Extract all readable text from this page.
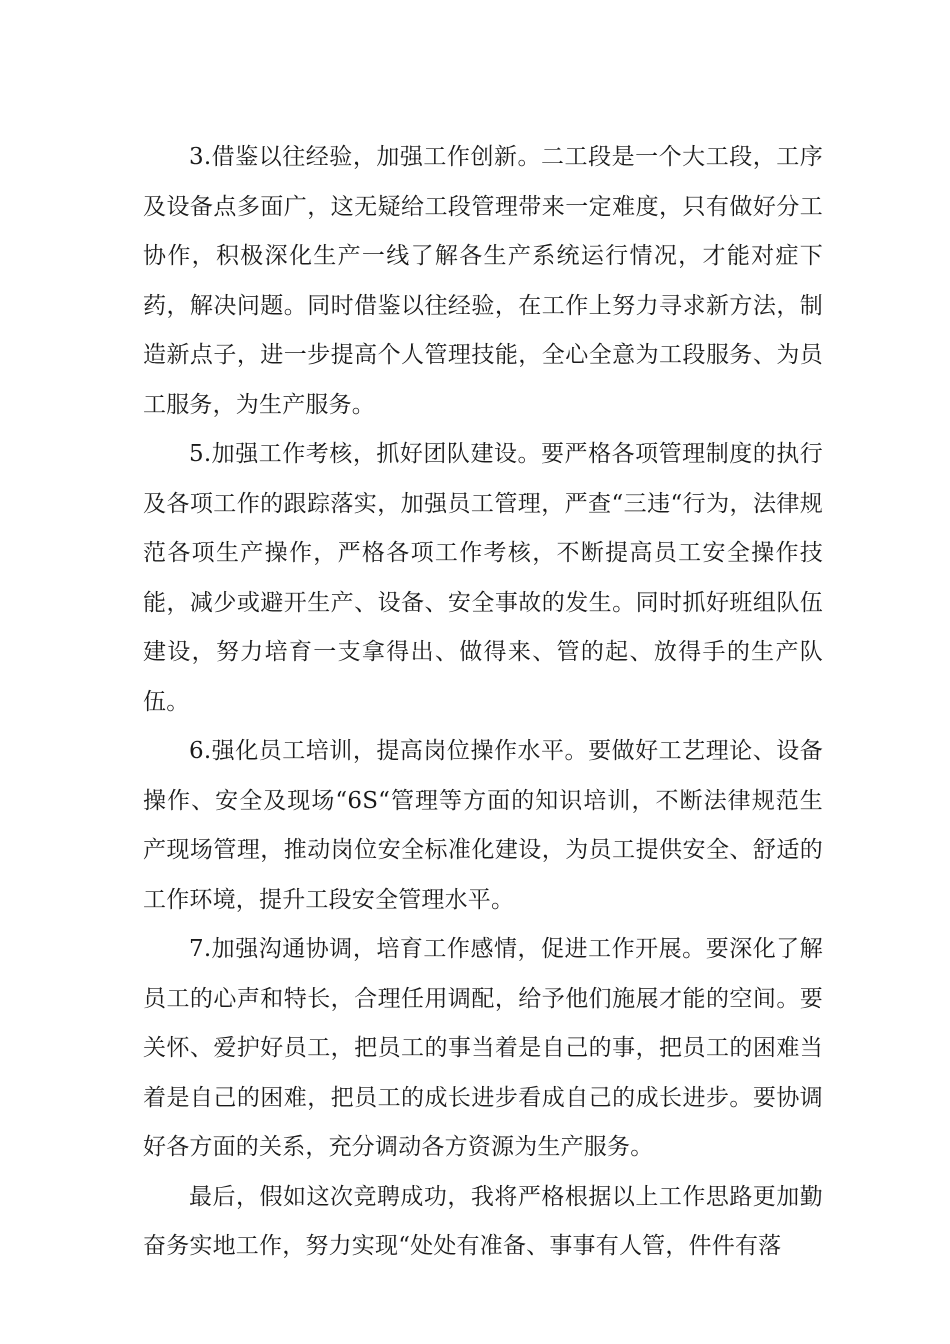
3.借鉴以往经验，加强工作创新。二工段是一个大工段，工序及设备点多面广，这无疑给工段管理带来一定难度，只有做好分工协作，积极深化生产一线了解各生产系统运行情况，才能对症下药，解决问题。同时借鉴以往经验，在工作上努力寻求新方法，制造新点子，进一步提高个人管理技能，全心全意为工段服务、为员工服务，为生产服务。

5.加强工作考核，抓好团队建设。要严格各项管理制度的执行及各项工作的跟踪落实，加强员工管理，严查“三违“行为，法律规范各项生产操作，严格各项工作考核，不断提高员工安全操作技能，减少或避开生产、设备、安全事故的发生。同时抓好班组队伍建设，努力培育一支拿得出、做得来、管的起、放得手的生产队伍。

6.强化员工培训，提高岗位操作水平。要做好工艺理论、设备操作、安全及现场“6S“管理等方面的知识培训，不断法律规范生产现场管理，推动岗位安全标准化建设，为员工提供安全、舒适的工作环境，提升工段安全管理水平。

7.加强沟通协调，培育工作感情，促进工作开展。要深化了解员工的心声和特长，合理任用调配，给予他们施展才能的空间。要关怀、爱护好员工，把员工的事当着是自己的事，把员工的困难当着是自己的困难，把员工的成长进步看成自己的成长进步。要协调好各方面的关系，充分调动各方资源为生产服务。

最后，假如这次竞聘成功，我将严格根据以上工作思路更加勤奋务实地工作，努力实现“处处有准备、事事有人管，件件有落
